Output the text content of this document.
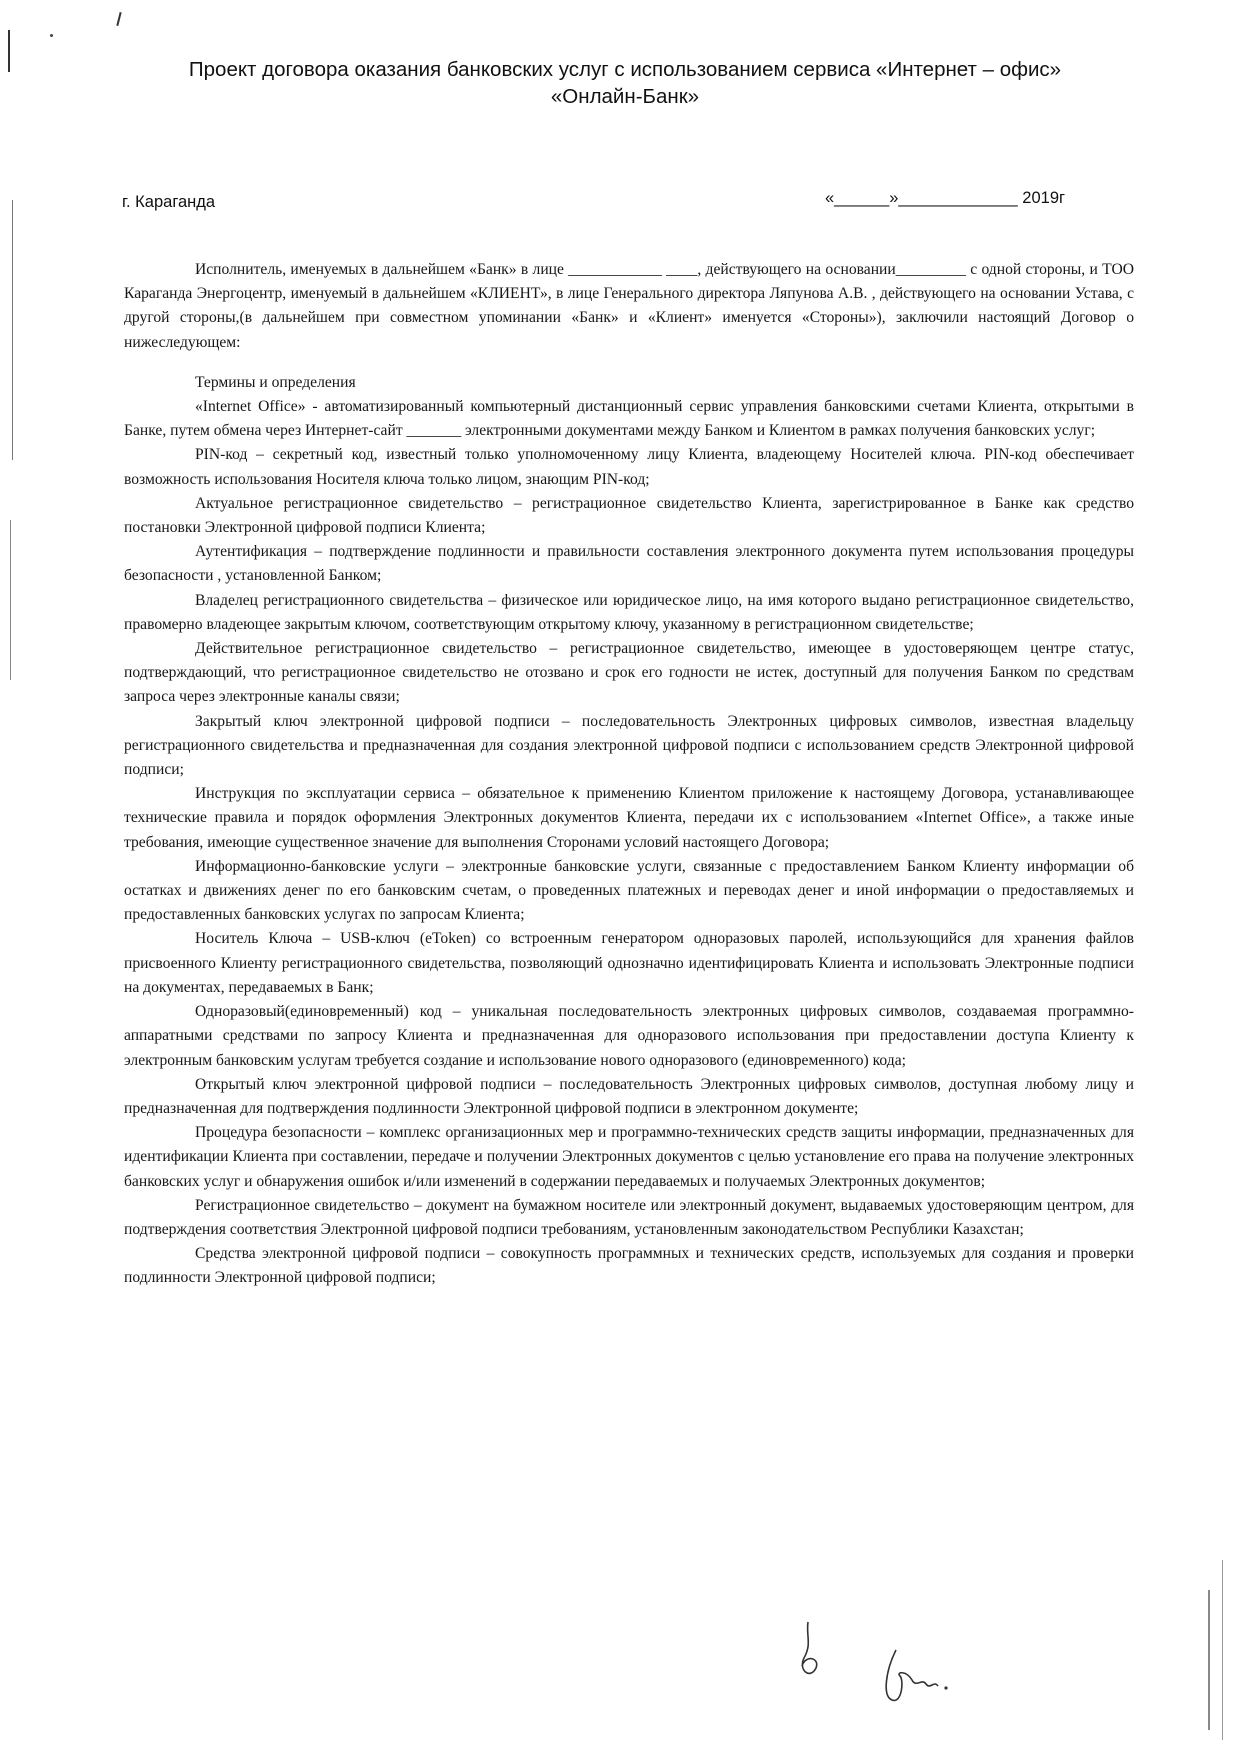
Проект договора оказания банковских услуг с использованием сервиса «Интернет – офис»
«Онлайн-Банк»
г. Караганда	«______»_____________ 2019г

Исполнитель, именуемых в дальнейшем «Банк» в лице ____________ ____, действующего на основании_________ с одной стороны, и ТОО Караганда Энергоцентр, именуемый в дальнейшем «КЛИЕНТ», в лице Генерального директора Ляпунова А.В. , действующего на основании Устава, с другой стороны,(в дальнейшем при совместном упоминании «Банк» и «Клиент» именуется «Стороны»), заключили настоящий Договор о нижеследующем:

Термины и определения

«Internet Office» - автоматизированный компьютерный дистанционный сервис управления банковскими счетами Клиента, открытыми в Банке, путем обмена через Интернет-сайт _______ электронными документами между Банком и Клиентом в рамках получения банковских услуг;

PIN-код – секретный код, известный только уполномоченному лицу Клиента, владеющему Носителей ключа. PIN-код обеспечивает возможность использования Носителя ключа только лицом, знающим PIN-код;

Актуальное регистрационное свидетельство – регистрационное свидетельство Клиента, зарегистрированное в Банке как средство постановки Электронной цифровой подписи Клиента;

Аутентификация – подтверждение подлинности и правильности составления электронного документа путем использования процедуры безопасности , установленной Банком;

Владелец регистрационного свидетельства – физическое или юридическое лицо, на имя которого выдано регистрационное свидетельство, правомерно владеющее закрытым ключом, соответствующим открытому ключу, указанному в регистрационном свидетельстве;

Действительное регистрационное свидетельство – регистрационное свидетельство, имеющее в удостоверяющем центре статус, подтверждающий, что регистрационное свидетельство не отозвано и срок его годности не истек, доступный для получения Банком по средствам запроса через электронные каналы связи;

Закрытый ключ электронной цифровой подписи – последовательность Электронных цифровых символов, известная владельцу регистрационного свидетельства и предназначенная для создания электронной цифровой подписи с использованием средств Электронной цифровой подписи;

Инструкция по эксплуатации сервиса – обязательное к применению Клиентом приложение к настоящему Договора, устанавливающее технические правила и порядок оформления Электронных документов Клиента, передачи их с использованием «Internet Office», а также иные требования, имеющие существенное значение для выполнения Сторонами условий настоящего Договора;

Информационно-банковские услуги – электронные банковские услуги, связанные с предоставлением Банком Клиенту информации об остатках и движениях денег по его банковским счетам, о проведенных платежных и переводах денег и иной информации о предоставляемых и предоставленных банковских услугах по запросам Клиента;

Носитель Ключа – USB-ключ (eToken) со встроенным генератором одноразовых паролей, использующийся для хранения файлов присвоенного Клиенту регистрационного свидетельства, позволяющий однозначно идентифицировать Клиента и использовать Электронные подписи на документах, передаваемых в Банк;

Одноразовый(единовременный) код – уникальная последовательность электронных цифровых символов, создаваемая программно-аппаратными средствами по запросу Клиента и предназначенная для одноразового использования при предоставлении доступа Клиенту к электронным банковским услугам требуется создание и использование нового одноразового (единовременного) кода;

Открытый ключ электронной цифровой подписи – последовательность Электронных цифровых символов, доступная любому лицу и предназначенная для подтверждения подлинности Электронной цифровой подписи в электронном документе;

Процедура безопасности – комплекс организационных мер и программно-технических средств защиты информации, предназначенных для идентификации Клиента при составлении, передаче и получении Электронных документов с целью установление его права на получение электронных банковских услуг и обнаружения ошибок и/или изменений в содержании передаваемых и получаемых Электронных документов;

Регистрационное свидетельство – документ на бумажном носителе или электронный документ, выдаваемых удостоверяющим центром, для подтверждения соответствия Электронной цифровой подписи требованиям, установленным законодательством Республики Казахстан;

Средства электронной цифровой подписи – совокупность программных и технических средств, используемых для создания и проверки подлинности Электронной цифровой подписи;
